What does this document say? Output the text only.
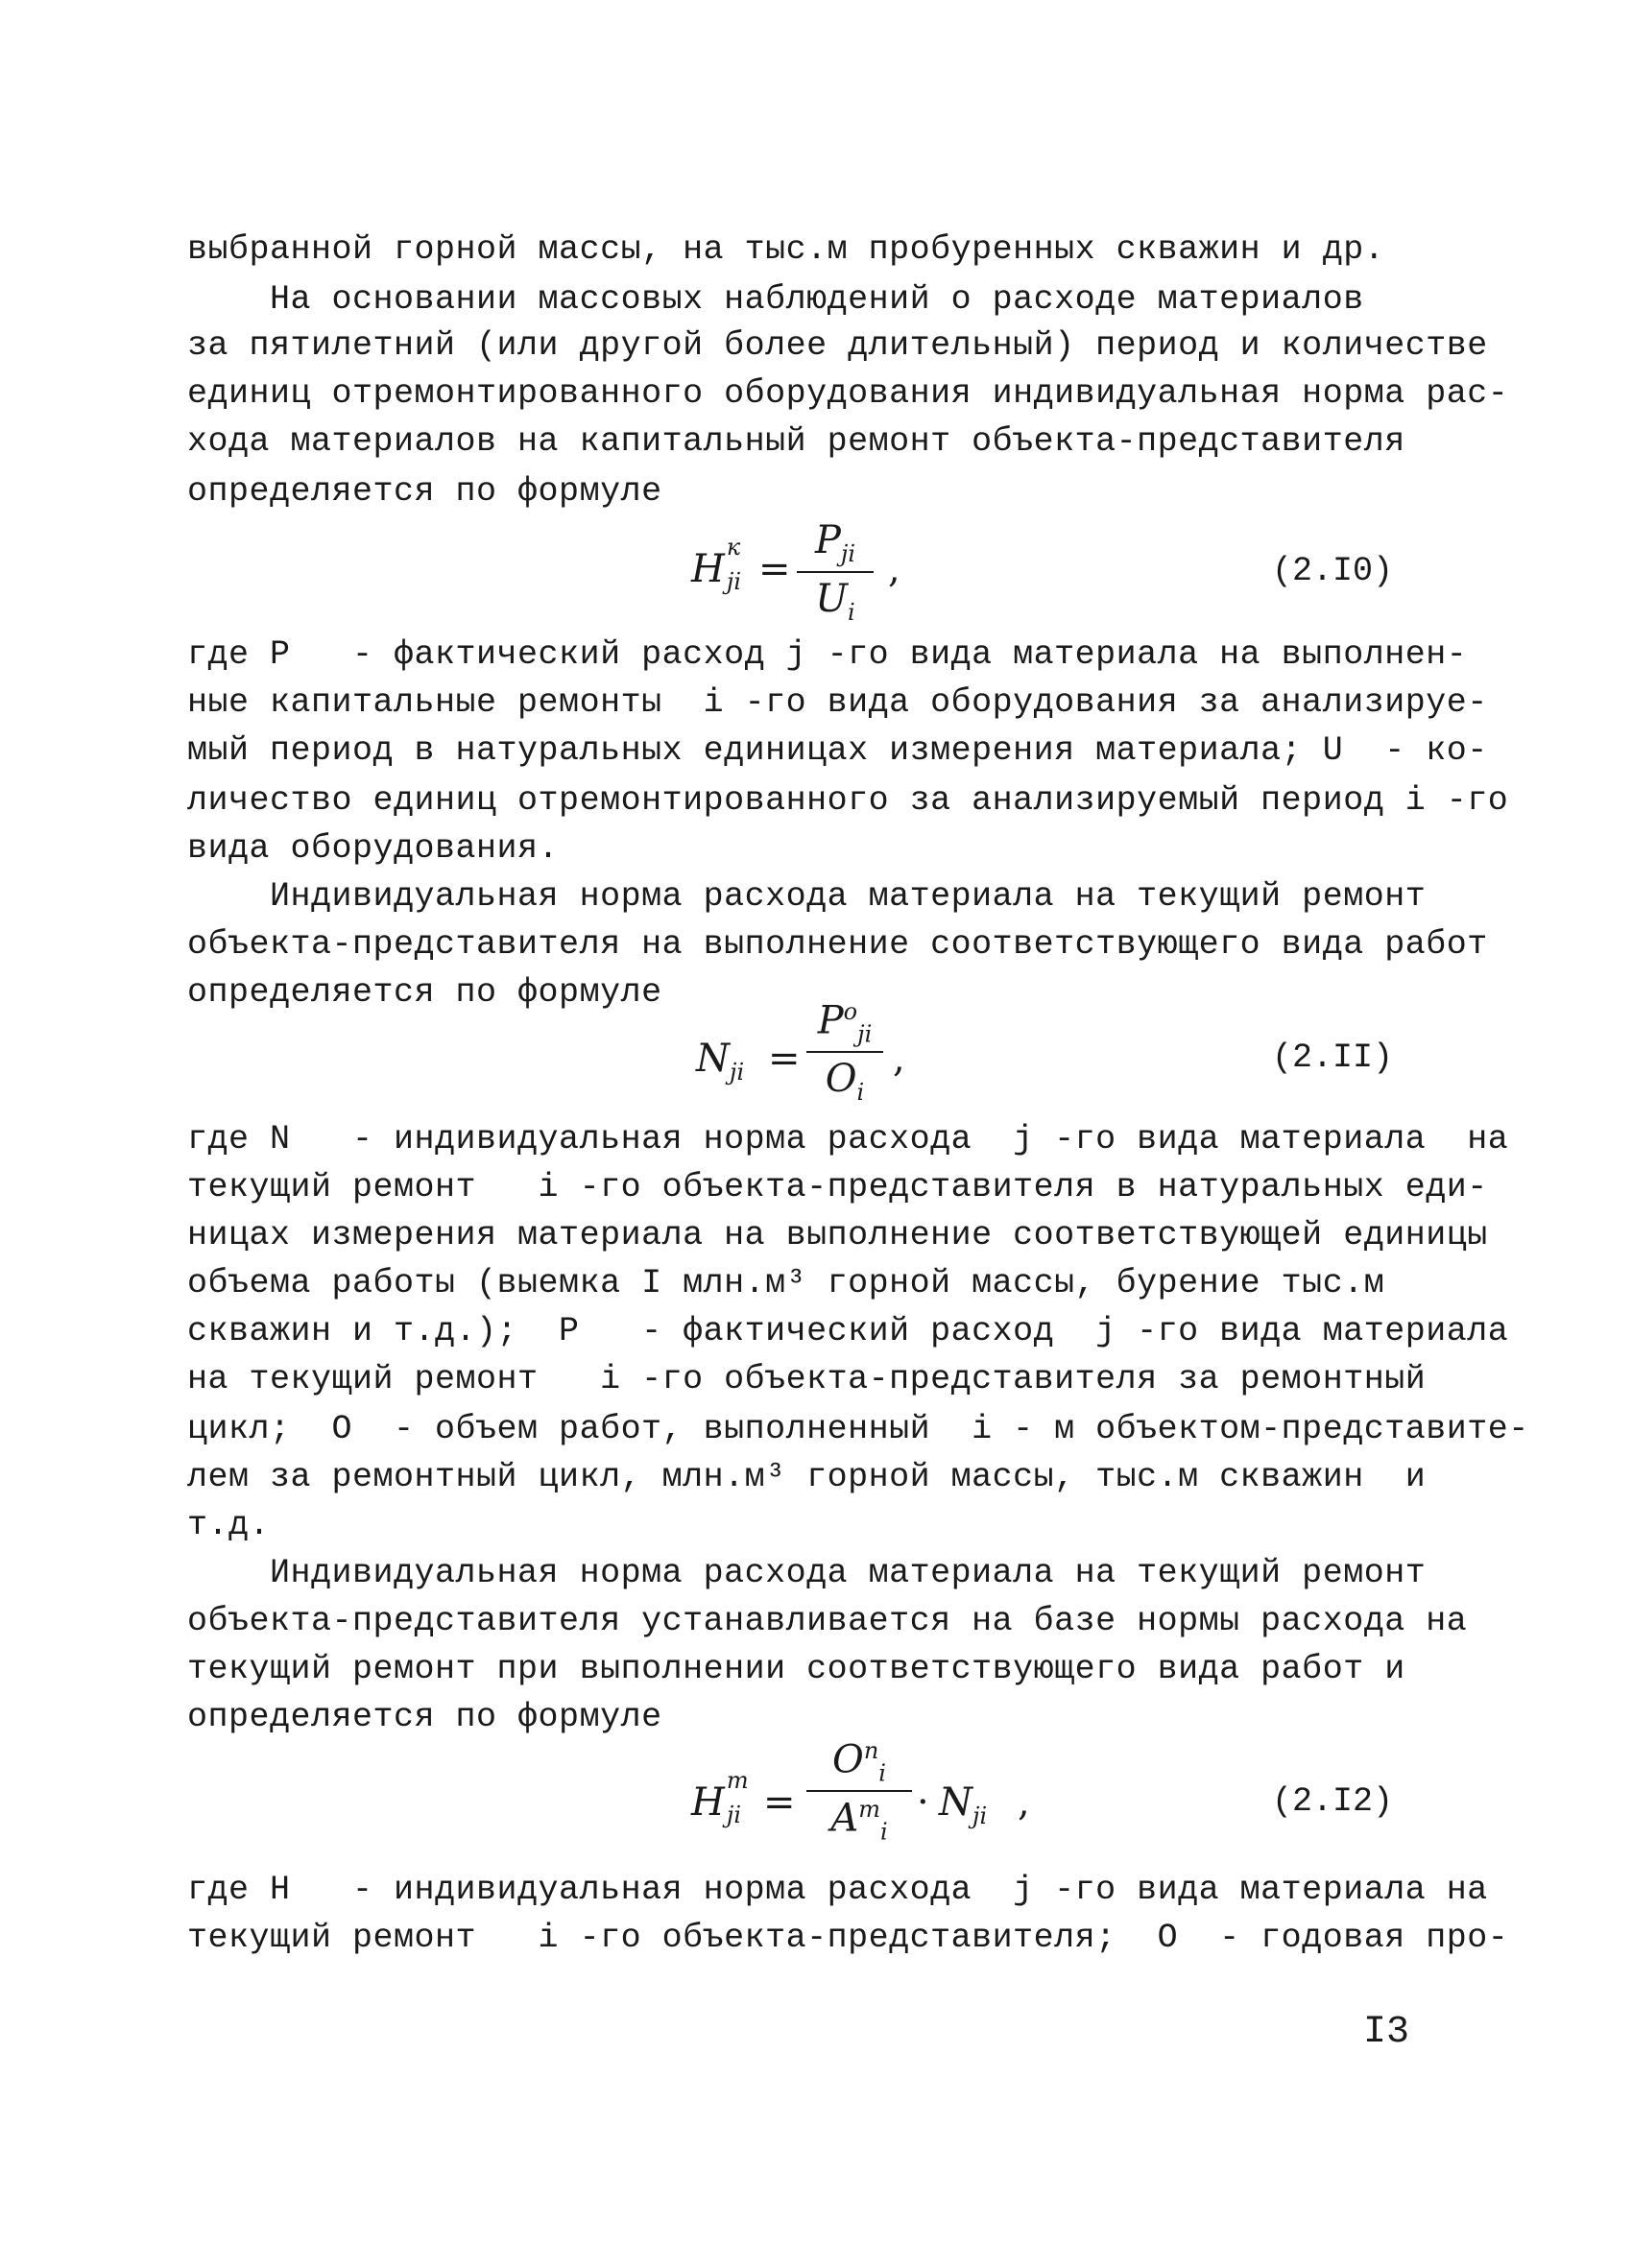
выбранной горной массы, на тыс.м пробуренных скважин и др.
На основании массовых наблюдений о расходе материалов
за пятилетний (или другой более длительный) период и количестве
единиц отремонтированного оборудования индивидуальная норма рас-
хода материалов на капитальный ремонт объекта-представителя
определяется по формуле
H к
ji =
$P_{ji}$
$U_i$
,	(2.I0)
где P   - фактический расход j -го вида материала на выполнен-
ные капитальные ремонты  i -го вида оборудования за анализируе-
мый период в натуральных единицах измерения материала; U  - ко-
личество единиц отремонтированного за анализируемый период i -го
вида оборудования.
Индивидуальная норма расхода материала на текущий ремонт
объекта-представителя на выполнение соответствующего вида работ
определяется по формуле
$N_{ji}$ =
$P^o_{ji}$
$O_i$
,	(2.II)
где N   - индивидуальная норма расхода  j -го вида материала  на
текущий ремонт   i -го объекта-представителя в натуральных еди-
ницах измерения материала на выполнение соответствующей единицы
объема работы (выемка I млн.м³ горной массы, бурение тыс.м
скважин и т.д.);  P   - фактический расход  j -го вида материала
на текущий ремонт   i -го объекта-представителя за ремонтный
цикл;  O  - объем работ, выполненный  i - м объектом-представите-
лем за ремонтный цикл, млн.м³ горной массы, тыс.м скважин  и
т.д.
Индивидуальная норма расхода материала на текущий ремонт
объекта-представителя устанавливается на базе нормы расхода на
текущий ремонт при выполнении соответствующего вида работ и
определяется по формуле
H т
ji =
$O^п_i$
$A^m_i$
· $N_{ji}$ ,	(2.I2)
где H   - индивидуальная норма расхода  j -го вида материала на
текущий ремонт   i -го объекта-представителя;  O  - годовая про-
I3
